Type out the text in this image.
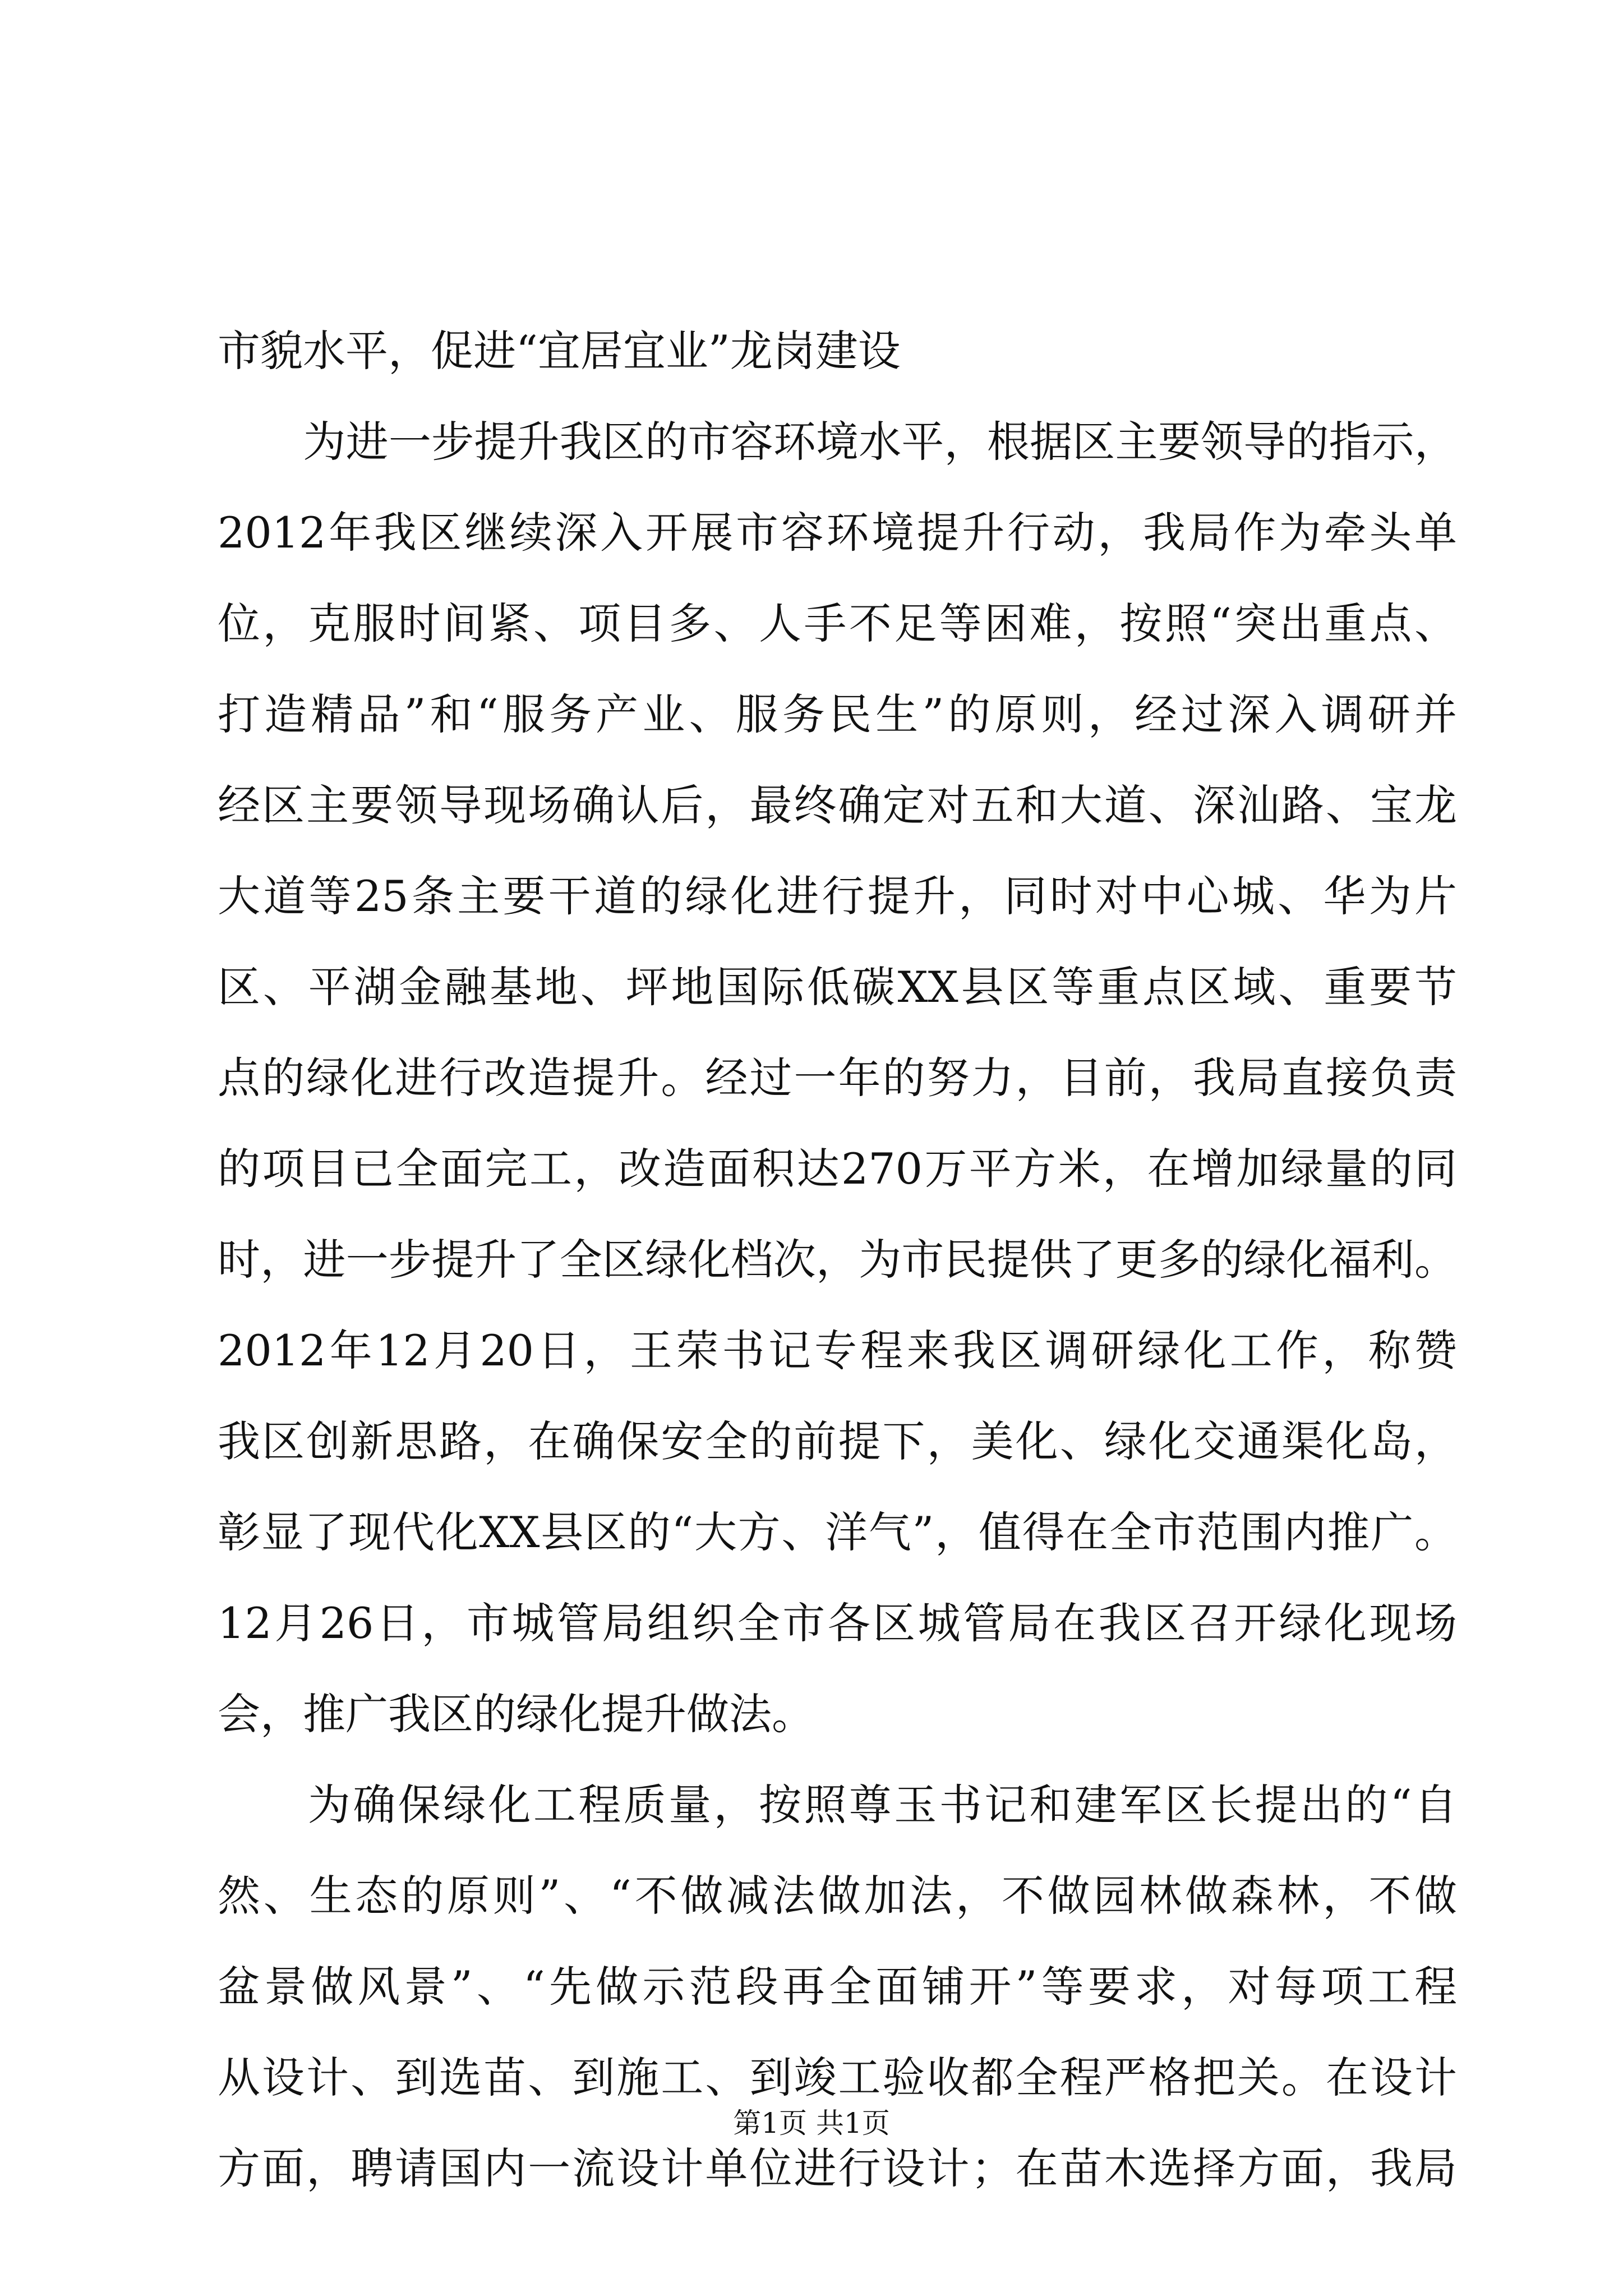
市貌水平，促进“宜居宜业”龙岗建设
　　为进一步提升我区的市容环境水平，根据区主要领导的指示，
2012年我区继续深入开展市容环境提升行动，我局作为牵头单
位，克服时间紧、项目多、人手不足等困难，按照“突出重点、
打造精品”和“服务产业、服务民生”的原则，经过深入调研并
经区主要领导现场确认后，最终确定对五和大道、深汕路、宝龙
大道等25条主要干道的绿化进行提升，同时对中心城、华为片
区、平湖金融基地、坪地国际低碳XX县区等重点区域、重要节
点的绿化进行改造提升。经过一年的努力，目前，我局直接负责
的项目已全面完工，改造面积达270万平方米，在增加绿量的同
时，进一步提升了全区绿化档次，为市民提供了更多的绿化福利。
2012年12月20日，王荣书记专程来我区调研绿化工作，称赞
我区创新思路，在确保安全的前提下，美化、绿化交通渠化岛，
彰显了现代化XX县区的“大方、洋气”，值得在全市范围内推广。
12月26日，市城管局组织全市各区城管局在我区召开绿化现场
会，推广我区的绿化提升做法。
　　为确保绿化工程质量，按照尊玉书记和建军区长提出的“自
然、生态的原则”、“不做减法做加法，不做园林做森林，不做
盆景做风景”、“先做示范段再全面铺开”等要求，对每项工程
从设计、到选苗、到施工、到竣工验收都全程严格把关。在设计
方面，聘请国内一流设计单位进行设计；在苗木选择方面，我局
第1页 共1页
